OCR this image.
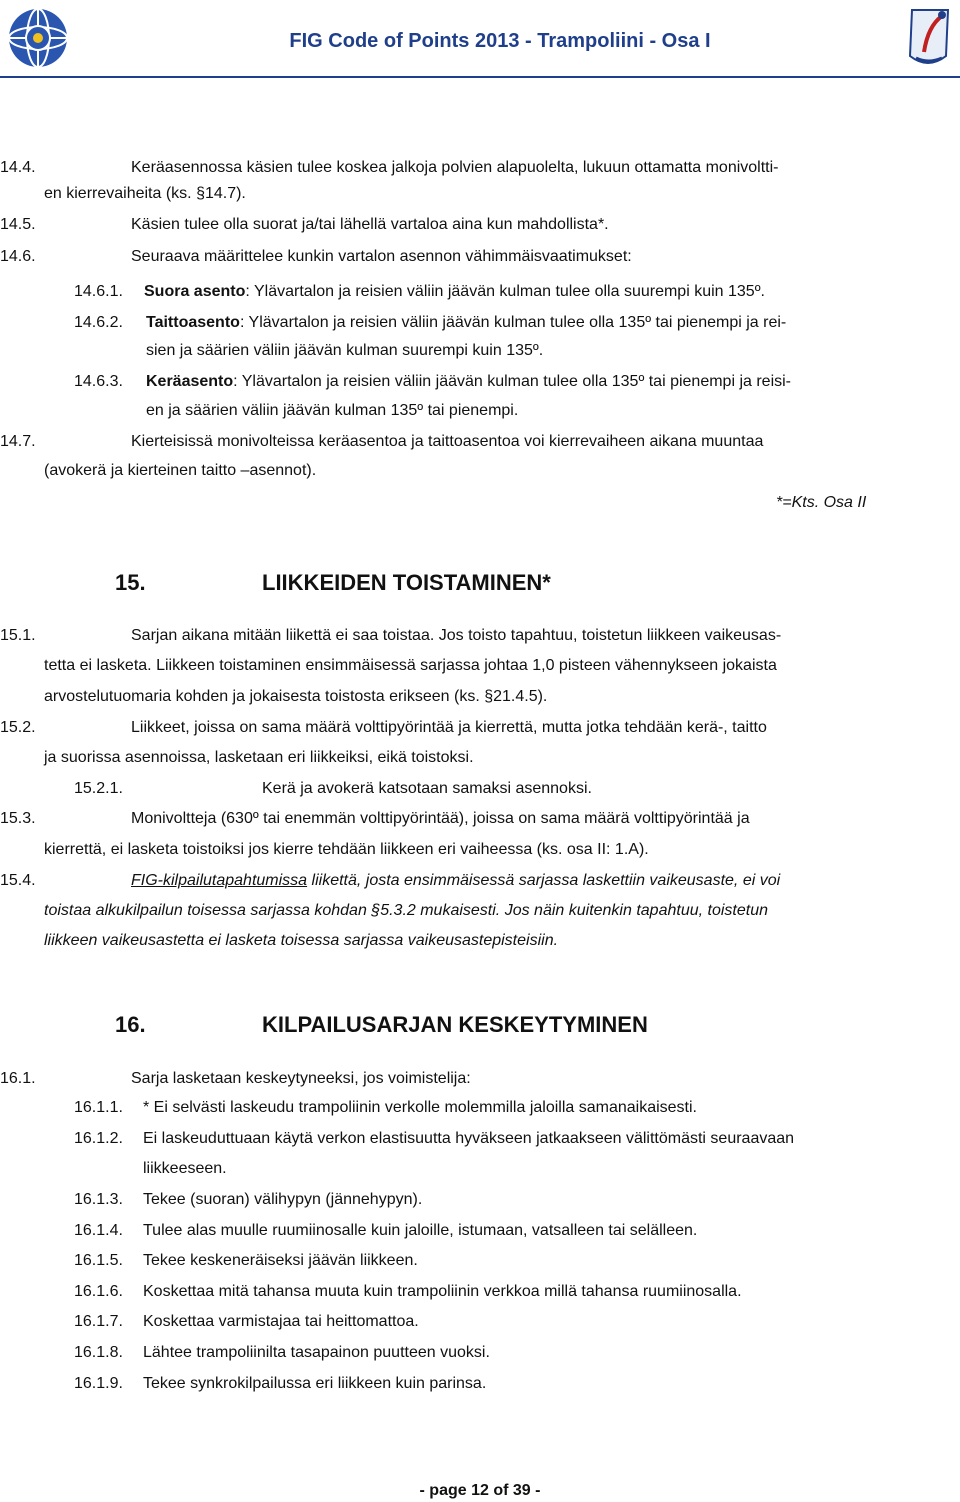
FIG Code of Points 2013 - Trampoliini - Osa I
14.4.	Keräasennossa käsien tulee koskea jalkoja polvien alapuolelta, lukuun ottamatta monivoltti-
en kierrevaiheita (ks. §14.7).
14.5.	Käsien tulee olla suorat ja/tai lähellä vartaloa aina kun mahdollista*.
14.6.	Seuraava määrittelee kunkin vartalon asennon vähimmäisvaatimukset:
14.6.1. Suora asento: Ylävartalon ja reisien väliin jäävän kulman tulee olla suurempi kuin 135º.
14.6.2. Taittoasento: Ylävartalon ja reisien väliin jäävän kulman tulee olla 135º tai pienempi ja rei-
sien ja säärien väliin jäävän kulman suurempi kuin 135º.
14.6.3. Keräasento: Ylävartalon ja reisien väliin jäävän kulman tulee olla 135º tai pienempi ja reisi-
en ja säärien väliin jäävän kulman 135º tai pienempi.
14.7.	Kierteisissä monivolteissa keräasentoa ja taittoasentoa voi kierrevaiheen aikana muuntaa
(avokerä ja kierteinen taitto –asennot).
*=Kts. Osa II
15.	LIIKKEIDEN TOISTAMINEN*
15.1.	Sarjan aikana mitään liikettä ei saa toistaa. Jos toisto tapahtuu, toistetun liikkeen vaikeusas-
tetta ei lasketa. Liikkeen toistaminen ensimmäisessä sarjassa johtaa 1,0 pisteen vähennykseen jokaista
arvostelutuomaria kohden ja jokaisesta toistosta erikseen (ks. §21.4.5).
15.2.	Liikkeet, joissa on sama määrä volttipyörintää ja kierrettä, mutta jotka tehdään kerä-, taitto
ja suorissa asennoissa, lasketaan eri liikkeiksi, eikä toistoksi.
15.2.1.	Kerä ja avokerä katsotaan samaksi asennoksi.
15.3.	Monivoltteja (630º tai enemmän volttipyörintää), joissa on sama määrä volttipyörintää ja
kierrettä, ei lasketa toistoiksi jos kierre tehdään liikkeen eri vaiheessa (ks. osa II: 1.A).
15.4.	FIG-kilpailutapahtumissa liikettä, josta ensimmäisessä sarjassa laskettiin vaikeusaste, ei voi
toistaa alkukilpailun toisessa sarjassa kohdan §5.3.2 mukaisesti. Jos näin kuitenkin tapahtuu, toistetun
liikkeen vaikeusastetta ei lasketa toisessa sarjassa vaikeusastepisteisiin.
16.	KILPAILUSARJAN KESKEYTYMINEN
16.1.	Sarja lasketaan keskeytyneeksi, jos voimistelija:
16.1.1. * Ei selvästi laskeudu trampoliinin verkolle molemmilla jaloilla samanaikaisesti.
16.1.2. Ei laskeuduttuaan käytä verkon elastisuutta hyväkseen jatkaakseen välittömästi seuraavaan
liikkeeseen.
16.1.3. Tekee (suoran) välihypyn (jännehypyn).
16.1.4. Tulee alas muulle ruumiinosalle kuin jaloille, istumaan, vatsalleen tai selälleen.
16.1.5. Tekee keskeneräiseksi jäävän liikkeen.
16.1.6. Koskettaa mitä tahansa muuta kuin trampoliinin verkkoa millä tahansa ruumiinosalla.
16.1.7. Koskettaa varmistajaa tai heittomattoa.
16.1.8. Lähtee trampoliinilta tasapainon puutteen vuoksi.
16.1.9. Tekee synkrokilpailussa eri liikkeen kuin parinsa.
- page 12 of 39 -
